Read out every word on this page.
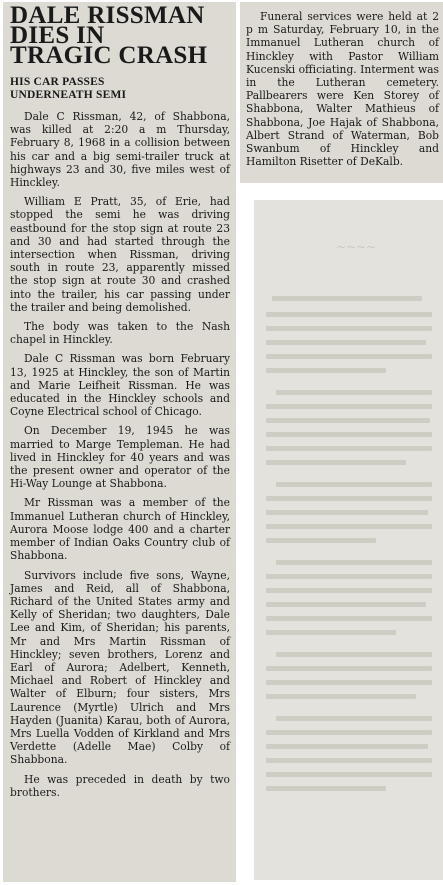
DALE RISSMAN
DIES IN
TRAGIC CRASH
HIS CAR PASSES
UNDERNEATH SEMI

Dale C Rissman, 42, of Shabbona, was killed at 2:20 a m Thursday, February 8, 1968 in a collision between his car and a big semi-trailer truck at highways 23 and 30, five miles west of Hinckley.

William E Pratt, 35, of Erie, had stopped the semi he was driving eastbound for the stop sign at route 23 and 30 and had started through the intersection when Rissman, driving south in route 23, apparently missed the stop sign at route 30 and crashed into the trailer, his car passing under the trailer and being demolished.

The body was taken to the Nash chapel in Hinckley.

Dale C Rissman was born February 13, 1925 at Hinckley, the son of Martin and Marie Leifheit Rissman. He was educated in the Hinckley schools and Coyne Electrical school of Chicago.

On December 19, 1945 he was married to Marge Templeman. He had lived in Hinckley for 40 years and was the present owner and operator of the Hi-Way Lounge at Shabbona.

Mr Rissman was a member of the Immanuel Lutheran church of Hinckley, Aurora Moose lodge 400 and a charter member of Indian Oaks Country club of Shabbona.

Survivors include five sons, Wayne, James and Reid, all of Shabbona, Richard of the United States army and Kelly of Sheridan; two daughters, Dale Lee and Kim, of Sheridan; his parents, Mr and Mrs Martin Rissman of Hinckley; seven brothers, Lorenz and Earl of Aurora; Adelbert, Kenneth, Michael and Robert of Hinckley and Walter of Elburn; four sisters, Mrs Laurence (Myrtle) Ulrich and Mrs Hayden (Juanita) Karau, both of Aurora, Mrs Luella Vodden of Kirkland and Mrs Verdette (Adelle Mae) Colby of Shabbona.

He was preceded in death by two brothers.

Funeral services were held at 2 p m Saturday, February 10, in the Immanuel Lutheran church of Hinckley with Pastor William Kucenski officiating. Interment was in the Lutheran cemetery. Pallbearers were Ken Storey of Shabbona, Walter Mathieus of Shabbona, Joe Hajak of Shabbona, Albert Strand of Waterman, Bob Swanbum of Hinckley and Hamilton Risetter of DeKalb.

~~~~
